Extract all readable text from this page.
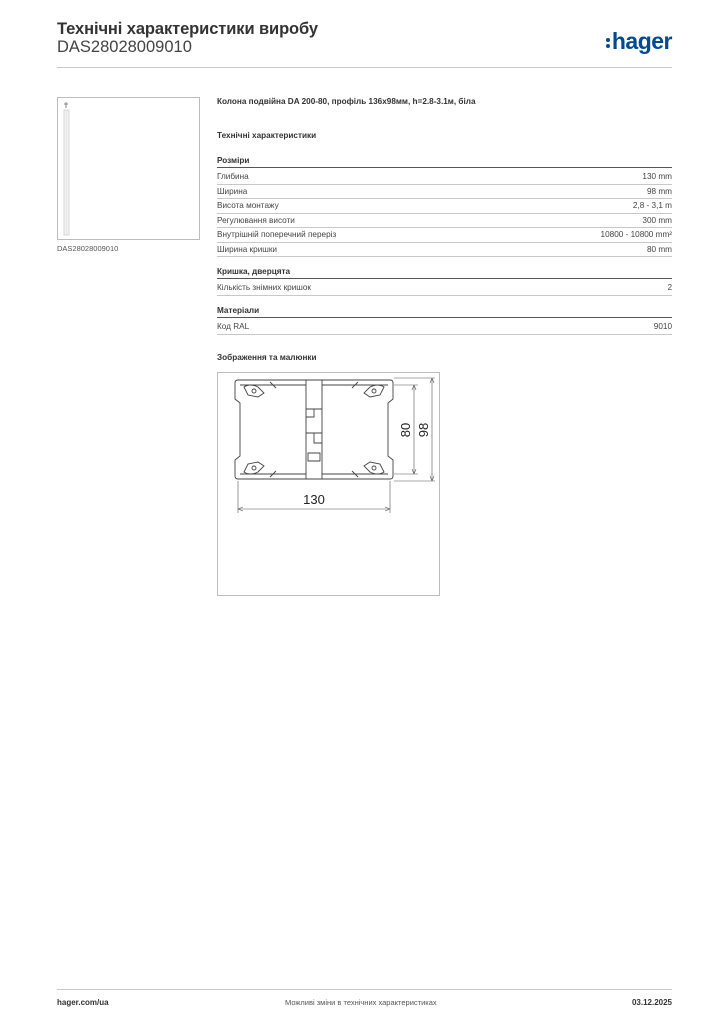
Технічні характеристики виробу
DAS28028009010	hager
DAS28028009010
Колона подвійна DA 200-80, профіль 136х98мм, h=2.8-3.1м, біла
Технічні характеристики
Розміри
Глибина	130 mm
Ширина	98 mm
Висота монтажу	2,8 - 3,1 m
Регулювання висоти	300 mm
Внутрішній поперечний переріз	10800 - 10800 mm²
Ширина кришки	80 mm
Кришка, дверцята
Кількість знімних кришок	2
Матеріали
Код RAL	9010
Зображення та малюнки
130
80 98
hager.com/ua	Можливі зміни в технічних характеристиках	03.12.2025
